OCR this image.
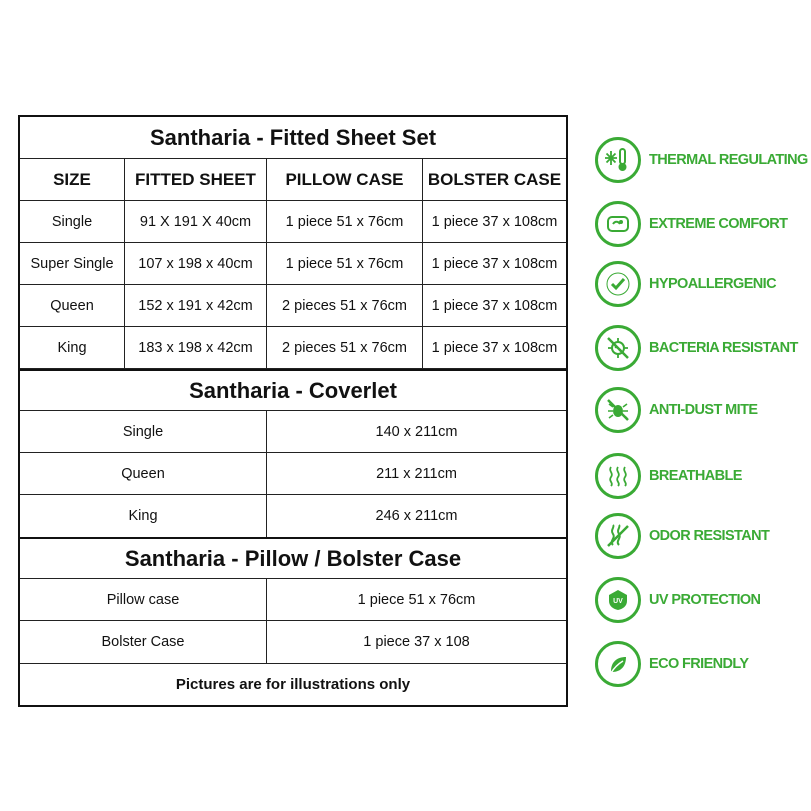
Santharia - Fitted Sheet Set
SIZE	FITTED SHEET	PILLOW CASE	BOLSTER CASE
Single	91 X 191 X 40cm	1 piece 51 x 76cm	1 piece 37 x 108cm
Super Single	107 x 198 x 40cm	1 piece 51 x 76cm	1 piece 37 x 108cm
Queen	152 x 191 x 42cm	2 pieces 51 x 76cm	1 piece 37 x 108cm
King	183 x 198 x 42cm	2 pieces 51 x 76cm	1 piece 37 x 108cm
Santharia - Coverlet
Single	140 x 211cm
Queen	211 x 211cm
King	246 x 211cm
Santharia - Pillow / Bolster Case
Pillow case	1 piece 51 x 76cm
Bolster Case	1 piece 37 x 108
Pictures are for illustrations only
THERMAL REGULATING
EXTREME COMFORT
HYPOALLERGENIC
BACTERIA RESISTANT
ANTI-DUST MITE
BREATHABLE
ODOR RESISTANT
UV UV PROTECTION
ECO FRIENDLY
